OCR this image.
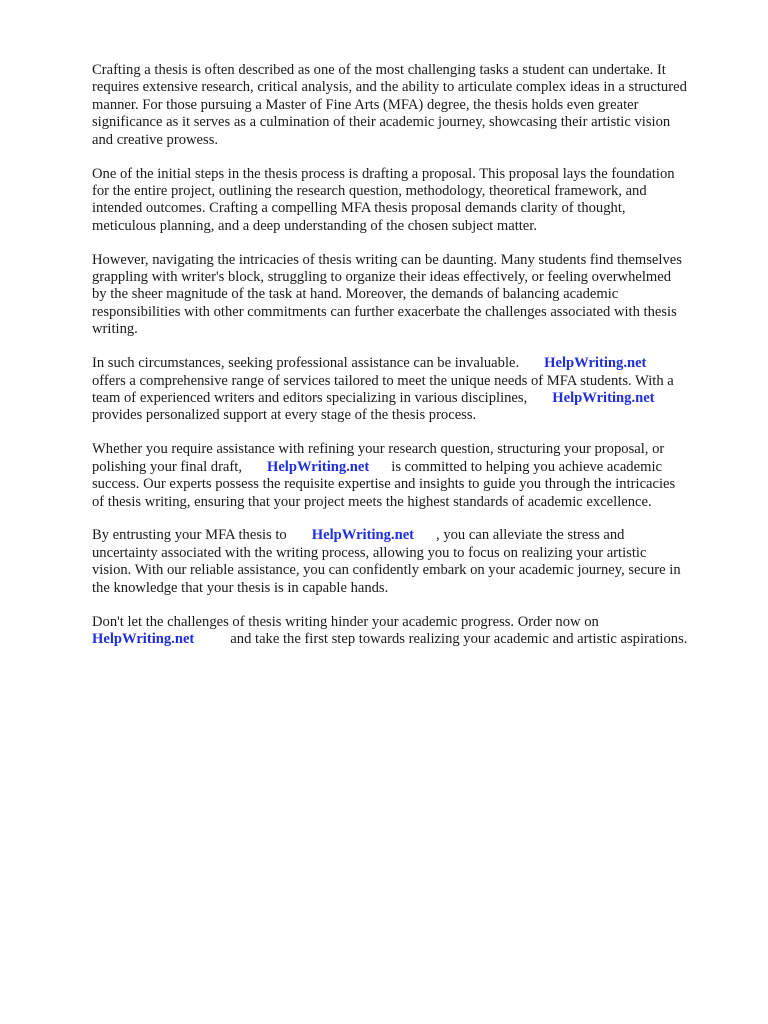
Crafting a thesis is often described as one of the most challenging tasks a student can undertake. It
requires extensive research, critical analysis, and the ability to articulate complex ideas in a structured
manner. For those pursuing a Master of Fine Arts (MFA) degree, the thesis holds even greater
significance as it serves as a culmination of their academic journey, showcasing their artistic vision
and creative prowess.

One of the initial steps in the thesis process is drafting a proposal. This proposal lays the foundation
for the entire project, outlining the research question, methodology, theoretical framework, and
intended outcomes. Crafting a compelling MFA thesis proposal demands clarity of thought,
meticulous planning, and a deep understanding of the chosen subject matter.

However, navigating the intricacies of thesis writing can be daunting. Many students find themselves
grappling with writer's block, struggling to organize their ideas effectively, or feeling overwhelmed
by the sheer magnitude of the task at hand. Moreover, the demands of balancing academic
responsibilities with other commitments can further exacerbate the challenges associated with thesis
writing.

In such circumstances, seeking professional assistance can be invaluable. HelpWriting.net
offers a comprehensive range of services tailored to meet the unique needs of MFA students. With a
team of experienced writers and editors specializing in various disciplines, HelpWriting.net
provides personalized support at every stage of the thesis process.

Whether you require assistance with refining your research question, structuring your proposal, or
polishing your final draft, HelpWriting.net is committed to helping you achieve academic
success. Our experts possess the requisite expertise and insights to guide you through the intricacies
of thesis writing, ensuring that your project meets the highest standards of academic excellence.

By entrusting your MFA thesis to HelpWriting.net , you can alleviate the stress and
uncertainty associated with the writing process, allowing you to focus on realizing your artistic
vision. With our reliable assistance, you can confidently embark on your academic journey, secure in
the knowledge that your thesis is in capable hands.

Don't let the challenges of thesis writing hinder your academic progress. Order now on
HelpWriting.net and take the first step towards realizing your academic and artistic aspirations.
